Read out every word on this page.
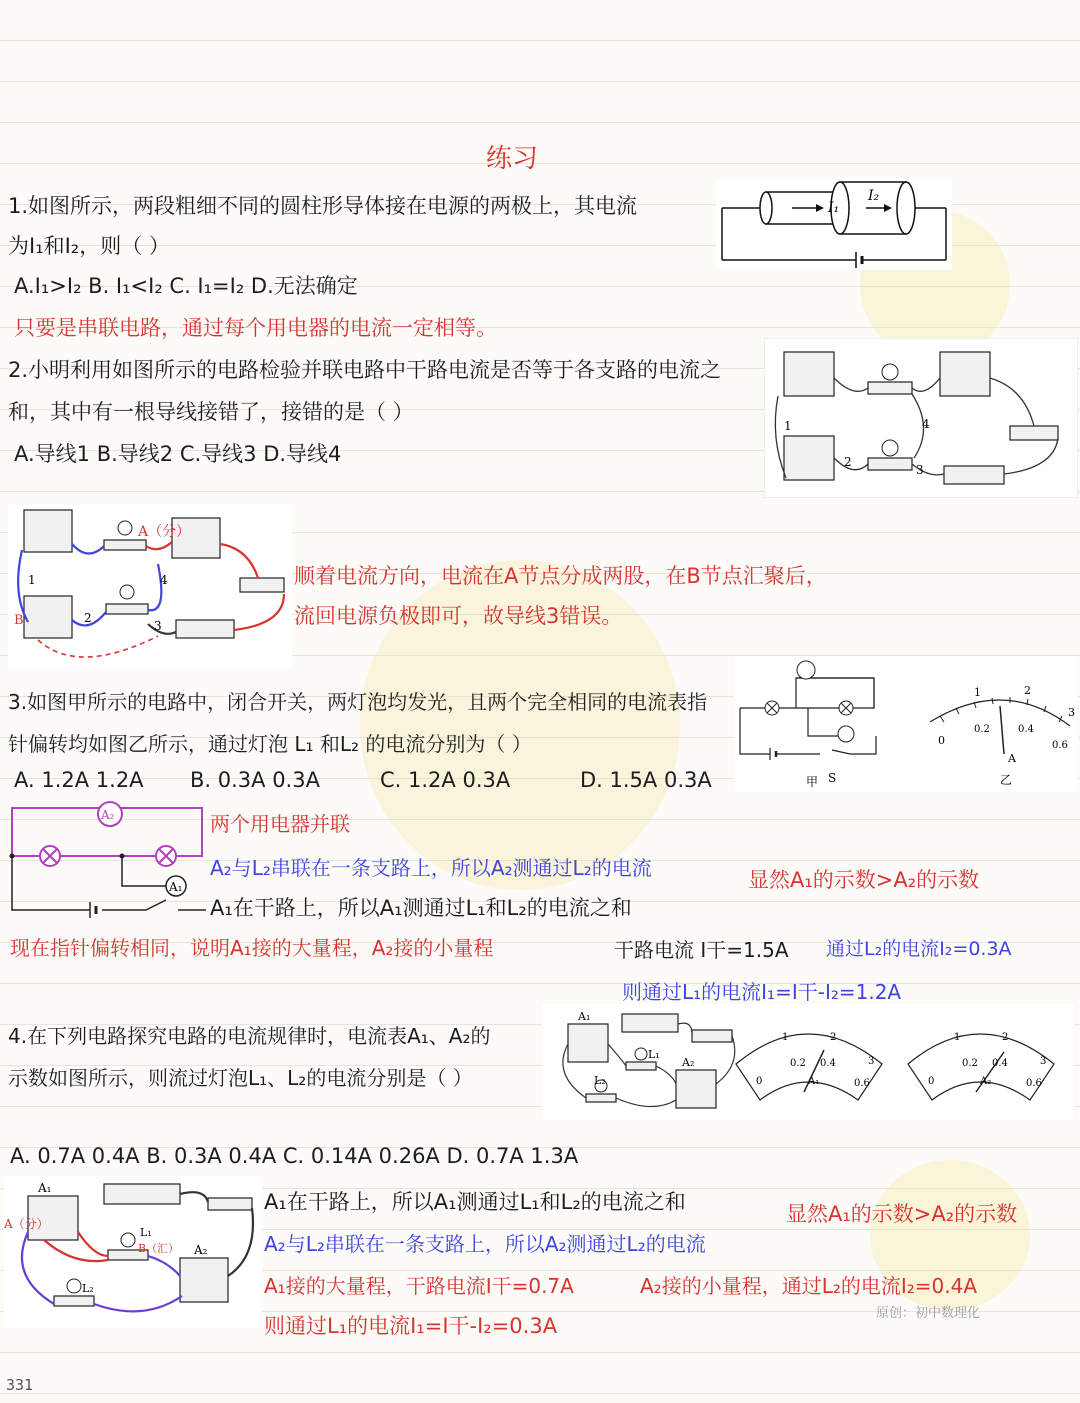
练习
1.如图所示，两段粗细不同的圆柱形导体接在电源的两极上，其电流
为I₁和I₂，则（ ）
A.I₁>I₂ B. I₁<I₂ C. I₁=I₂ D.无法确定
只要是串联电路，通过每个用电器的电流一定相等。
I₁
I₂
2.小明利用如图所示的电路检验并联电路中干路电流是否等于各支路的电流之
和，其中有一根导线接错了，接错的是（ ）
A.导线1 B.导线2 C.导线3 D.导线4
1
2
3
4
A（分）
B
1
2
3
4	顺着电流方向，电流在A节点分成两股，在B节点汇聚后，
流回电源负极即可，故导线3错误。
3.如图甲所示的电路中，闭合开关，两灯泡均发光，且两个完全相同的电流表指
针偏转均如图乙所示，通过灯泡 L₁ 和L₂ 的电流分别为（ ）
A. 1.2A 1.2A B. 0.3A 0.3A	C. 1.2A 0.3A	D. 1.5A 0.3A	S
甲
0
1	2
3
0.2	0.4
0.6
A
乙
A₂
A₁
两个用电器并联
A₂与L₂串联在一条支路上，所以A₂测通过L₂的电流	显然A₁的示数>A₂的示数
A₁在干路上，所以A₁测通过L₁和L₂的电流之和
现在指针偏转相同，说明A₁接的大量程，A₂接的小量程	干路电流 I干=1.5A 通过L₂的电流I₂=0.3A
则通过L₁的电流I₁=I干-I₂=1.2A
4.在下列电路探究电路的电流规律时，电流表A₁、A₂的
示数如图所示，则流过灯泡L₁、L₂的电流分别是（ ）
A₁
A₂
L₁
L₂	0
1	2
3
0.2 0.4
0.6
A₁	0
1	2
3
0.2 0.4
0.6
A₂
A. 0.7A 0.4A B. 0.3A 0.4A C. 0.14A 0.26A D. 0.7A 1.3A
A₁
A₂
L₁
L₂
A（分）
B（汇）
A₁在干路上，所以A₁测通过L₁和L₂的电流之和	显然A₁的示数>A₂的示数
A₂与L₂串联在一条支路上，所以A₂测通过L₂的电流
A₁接的大量程，干路电流I干=0.7A	A₂接的小量程，通过L₂的电流I₂=0.4A
则通过L₁的电流I₁=I干-I₂=0.3A
原创：初中数理化
331
